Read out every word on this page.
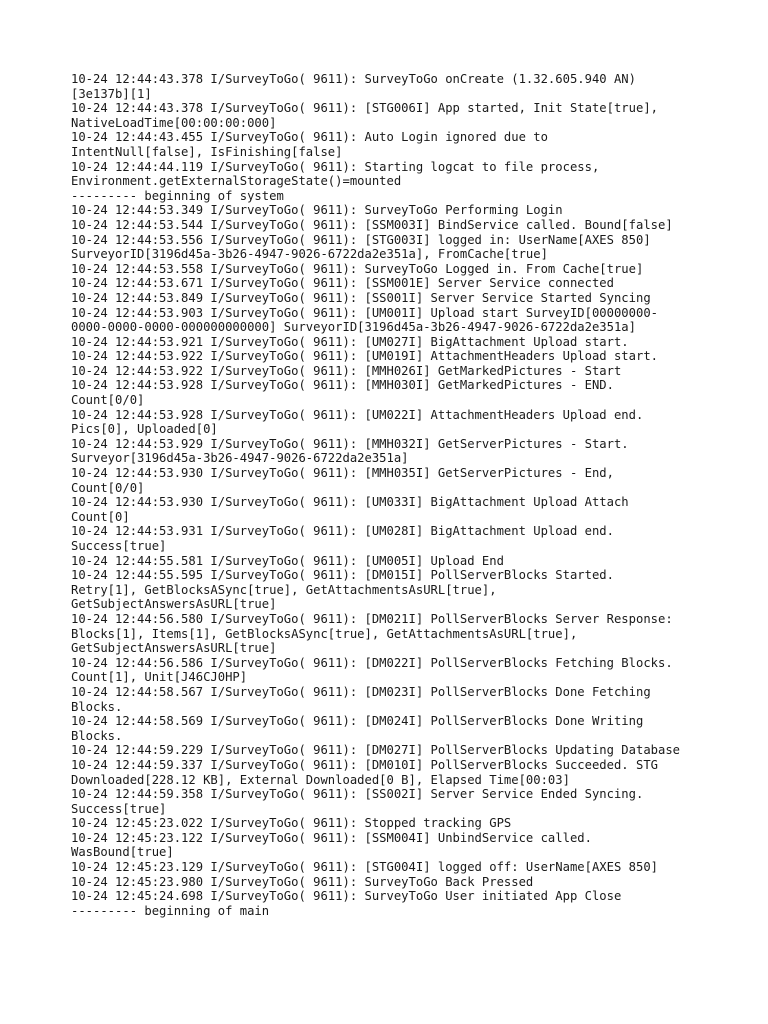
10-24 12:44:43.378 I/SurveyToGo( 9611): SurveyToGo onCreate (1.32.605.940 AN)
[3e137b][1]
10-24 12:44:43.378 I/SurveyToGo( 9611): [STG006I] App started, Init State[true],
NativeLoadTime[00:00:00:000]
10-24 12:44:43.455 I/SurveyToGo( 9611): Auto Login ignored due to
IntentNull[false], IsFinishing[false]
10-24 12:44:44.119 I/SurveyToGo( 9611): Starting logcat to file process,
Environment.getExternalStorageState()=mounted
--------- beginning of system
10-24 12:44:53.349 I/SurveyToGo( 9611): SurveyToGo Performing Login
10-24 12:44:53.544 I/SurveyToGo( 9611): [SSM003I] BindService called. Bound[false]
10-24 12:44:53.556 I/SurveyToGo( 9611): [STG003I] logged in: UserName[AXES 850]
SurveyorID[3196d45a-3b26-4947-9026-6722da2e351a], FromCache[true]
10-24 12:44:53.558 I/SurveyToGo( 9611): SurveyToGo Logged in. From Cache[true]
10-24 12:44:53.671 I/SurveyToGo( 9611): [SSM001E] Server Service connected
10-24 12:44:53.849 I/SurveyToGo( 9611): [SS001I] Server Service Started Syncing
10-24 12:44:53.903 I/SurveyToGo( 9611): [UM001I] Upload start SurveyID[00000000-
0000-0000-0000-000000000000] SurveyorID[3196d45a-3b26-4947-9026-6722da2e351a]
10-24 12:44:53.921 I/SurveyToGo( 9611): [UM027I] BigAttachment Upload start.
10-24 12:44:53.922 I/SurveyToGo( 9611): [UM019I] AttachmentHeaders Upload start.
10-24 12:44:53.922 I/SurveyToGo( 9611): [MMH026I] GetMarkedPictures - Start
10-24 12:44:53.928 I/SurveyToGo( 9611): [MMH030I] GetMarkedPictures - END.
Count[0/0]
10-24 12:44:53.928 I/SurveyToGo( 9611): [UM022I] AttachmentHeaders Upload end.
Pics[0], Uploaded[0]
10-24 12:44:53.929 I/SurveyToGo( 9611): [MMH032I] GetServerPictures - Start.
Surveyor[3196d45a-3b26-4947-9026-6722da2e351a]
10-24 12:44:53.930 I/SurveyToGo( 9611): [MMH035I] GetServerPictures - End,
Count[0/0]
10-24 12:44:53.930 I/SurveyToGo( 9611): [UM033I] BigAttachment Upload Attach
Count[0]
10-24 12:44:53.931 I/SurveyToGo( 9611): [UM028I] BigAttachment Upload end.
Success[true]
10-24 12:44:55.581 I/SurveyToGo( 9611): [UM005I] Upload End
10-24 12:44:55.595 I/SurveyToGo( 9611): [DM015I] PollServerBlocks Started.
Retry[1], GetBlocksASync[true], GetAttachmentsAsURL[true],
GetSubjectAnswersAsURL[true]
10-24 12:44:56.580 I/SurveyToGo( 9611): [DM021I] PollServerBlocks Server Response:
Blocks[1], Items[1], GetBlocksASync[true], GetAttachmentsAsURL[true],
GetSubjectAnswersAsURL[true]
10-24 12:44:56.586 I/SurveyToGo( 9611): [DM022I] PollServerBlocks Fetching Blocks.
Count[1], Unit[J46CJ0HP]
10-24 12:44:58.567 I/SurveyToGo( 9611): [DM023I] PollServerBlocks Done Fetching
Blocks.
10-24 12:44:58.569 I/SurveyToGo( 9611): [DM024I] PollServerBlocks Done Writing
Blocks.
10-24 12:44:59.229 I/SurveyToGo( 9611): [DM027I] PollServerBlocks Updating Database
10-24 12:44:59.337 I/SurveyToGo( 9611): [DM010I] PollServerBlocks Succeeded. STG
Downloaded[228.12 KB], External Downloaded[0 B], Elapsed Time[00:03]
10-24 12:44:59.358 I/SurveyToGo( 9611): [SS002I] Server Service Ended Syncing.
Success[true]
10-24 12:45:23.022 I/SurveyToGo( 9611): Stopped tracking GPS
10-24 12:45:23.122 I/SurveyToGo( 9611): [SSM004I] UnbindService called.
WasBound[true]
10-24 12:45:23.129 I/SurveyToGo( 9611): [STG004I] logged off: UserName[AXES 850]
10-24 12:45:23.980 I/SurveyToGo( 9611): SurveyToGo Back Pressed
10-24 12:45:24.698 I/SurveyToGo( 9611): SurveyToGo User initiated App Close
--------- beginning of main
